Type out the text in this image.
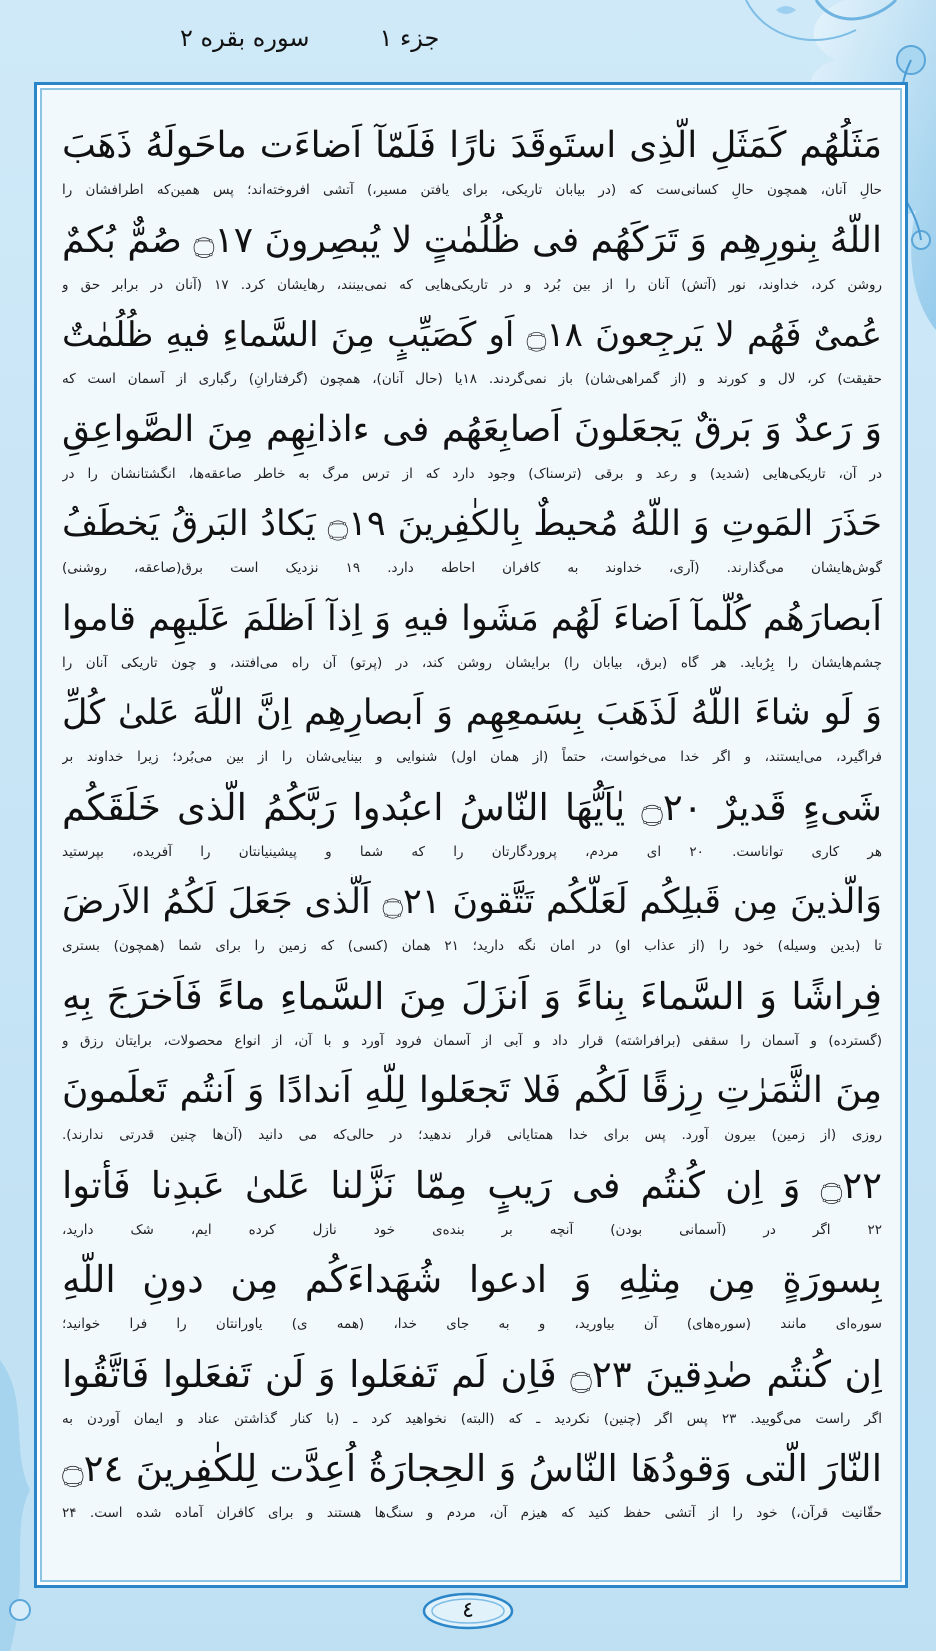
جزء ۱
سوره بقره ۲
مَثَلُهُم كَمَثَلِ الَّذِی استَوقَدَ نارًا فَلَمّآ اَضاءَت ماحَولَهُ ذَهَبَ
حالِ آنان، همچون حالِ کسانی‌ست که (در بیابان تاریکی، برای یافتن مسیر،) آتشی افروخته‌اند؛ پس همین‌که اطرافشان را
اللّهُ بِنورِهِم وَ تَرَکَهُم فی ظُلُمٰتٍ لا یُبصِرونَ ۝١٧ صُمٌّ بُکمٌ
روشن کرد، خداوند، نور (آتش) آنان را از بین بُرد و در تاریکی‌هایی که نمی‌بینند، رهایشان کرد. ۱۷ (آنان در برابر حق و
عُمیٌ فَهُم لا یَرجِعونَ ۝١٨ اَو کَصَیِّبٍ مِنَ السَّماءِ فیهِ ظُلُمٰتٌ
حقیقت) کر، لال و کورند و (از گمراهی‌شان) باز نمی‌گردند. ۱۸یا (حال آنان)، همچون (گرفتارانِ) رگباری از آسمان است که
وَ رَعدٌ وَ بَرقٌ یَجعَلونَ اَصابِعَهُم فی ءاذانِهِم مِنَ الصَّواعِقِ
در آن، تاریکی‌هایی (شدید) و رعد و برقی (ترسناک) وجود دارد که از ترس مرگ به خاطر صاعقه‌ها، انگشتانشان را در
حَذَرَ المَوتِ وَ اللّهُ مُحیطٌ بِالکٰفِرینَ ۝١٩ یَکادُ البَرقُ یَخطَفُ
گوش‌هایشان می‌گذارند. (آری، خداوند به کافران احاطه دارد. ۱۹ نزدیک است برق(صاعقه، روشنی)
اَبصارَهُم کُلَّمآ اَضاءَ لَهُم مَشَوا فیهِ وَ اِذآ اَظلَمَ عَلَیهِم قاموا
چشم‌هایشان را بِرُباید. هر گاه (برق، بیابان را) برایشان روشن کند، در (پرتو) آن راه می‌افتند، و چون تاریکی آنان را
وَ لَو شاءَ اللّهُ لَذَهَبَ بِسَمعِهِم وَ اَبصارِهِم اِنَّ اللّهَ عَلیٰ کُلِّ
فراگیرد، می‌ایستند، و اگر خدا می‌خواست، حتماً (از همان اول) شنوایی و بینایی‌شان را از بین می‌بُرد؛ زیرا خداوند بر
شَیءٍ قَدیرٌ ۝٢٠ یٰاَیُّهَا النّاسُ اعبُدوا رَبَّکُمُ الَّذی خَلَقَکُم
هر کاری تواناست. ۲۰ ای مردم، پروردگارتان را که شما و پیشینیانتان را آفریده، بپرستید
وَالَّذینَ مِن قَبلِکُم لَعَلَّکُم تَتَّقونَ ۝٢١ اَلَّذی جَعَلَ لَکُمُ الاَرضَ
تا (بدین وسیله) خود را (از عذاب او) در امان نگه دارید؛ ۲۱ همان (کسی) که زمین را برای شما (همچون) بستری
فِراشًا وَ السَّماءَ بِناءً وَ اَنزَلَ مِنَ السَّماءِ ماءً فَاَخرَجَ بِهِ
(گسترده) و آسمان را سقفی (برافراشته) قرار داد و آبی از آسمان فرود آورد و با آن، از انواع محصولات، برایتان رزق و
مِنَ الثَّمَرٰتِ رِزقًا لَکُم فَلا تَجعَلوا لِلّهِ اَندادًا وَ اَنتُم تَعلَمونَ
روزی (از زمین) بیرون آورد. پس برای خدا همتایانی قرار ندهید؛ در حالی‌که می دانید (آن‌ها چنین قدرتی ندارند).
۝٢٢ وَ اِن کُنتُم فی رَیبٍ مِمّا نَزَّلنا عَلیٰ عَبدِنا فَأتوا
۲۲ اگر در (آسمانی بودن) آنچه بر بنده‌ی خود نازل کرده ایم، شک دارید،
بِسورَةٍ مِن مِثلِهِ وَ ادعوا شُهَداءَکُم مِن دونِ اللّهِ
سوره‌ای مانند (سوره‌های) آن بیاورید، و به جای خدا، (همه ی) یاورانتان را فرا خوانید؛
اِن کُنتُم صٰدِقینَ ۝٢٣ فَاِن لَم تَفعَلوا وَ لَن تَفعَلوا فَاتَّقُوا
اگر راست می‌گویید. ۲۳ پس اگر (چنین) نکردید ـ که (البته) نخواهید کرد ـ (با کنار گذاشتن عناد و ایمان آوردن به
النّارَ الَّتی وَقودُهَا النّاسُ وَ الحِجارَةُ اُعِدَّت لِلکٰفِرینَ ۝٢٤
حقّانیت قرآن،) خود را از آتشی حفظ کنید که هیزم آن، مردم و سنگ‌ها هستند و برای کافران آماده شده است. ۲۴
٤
